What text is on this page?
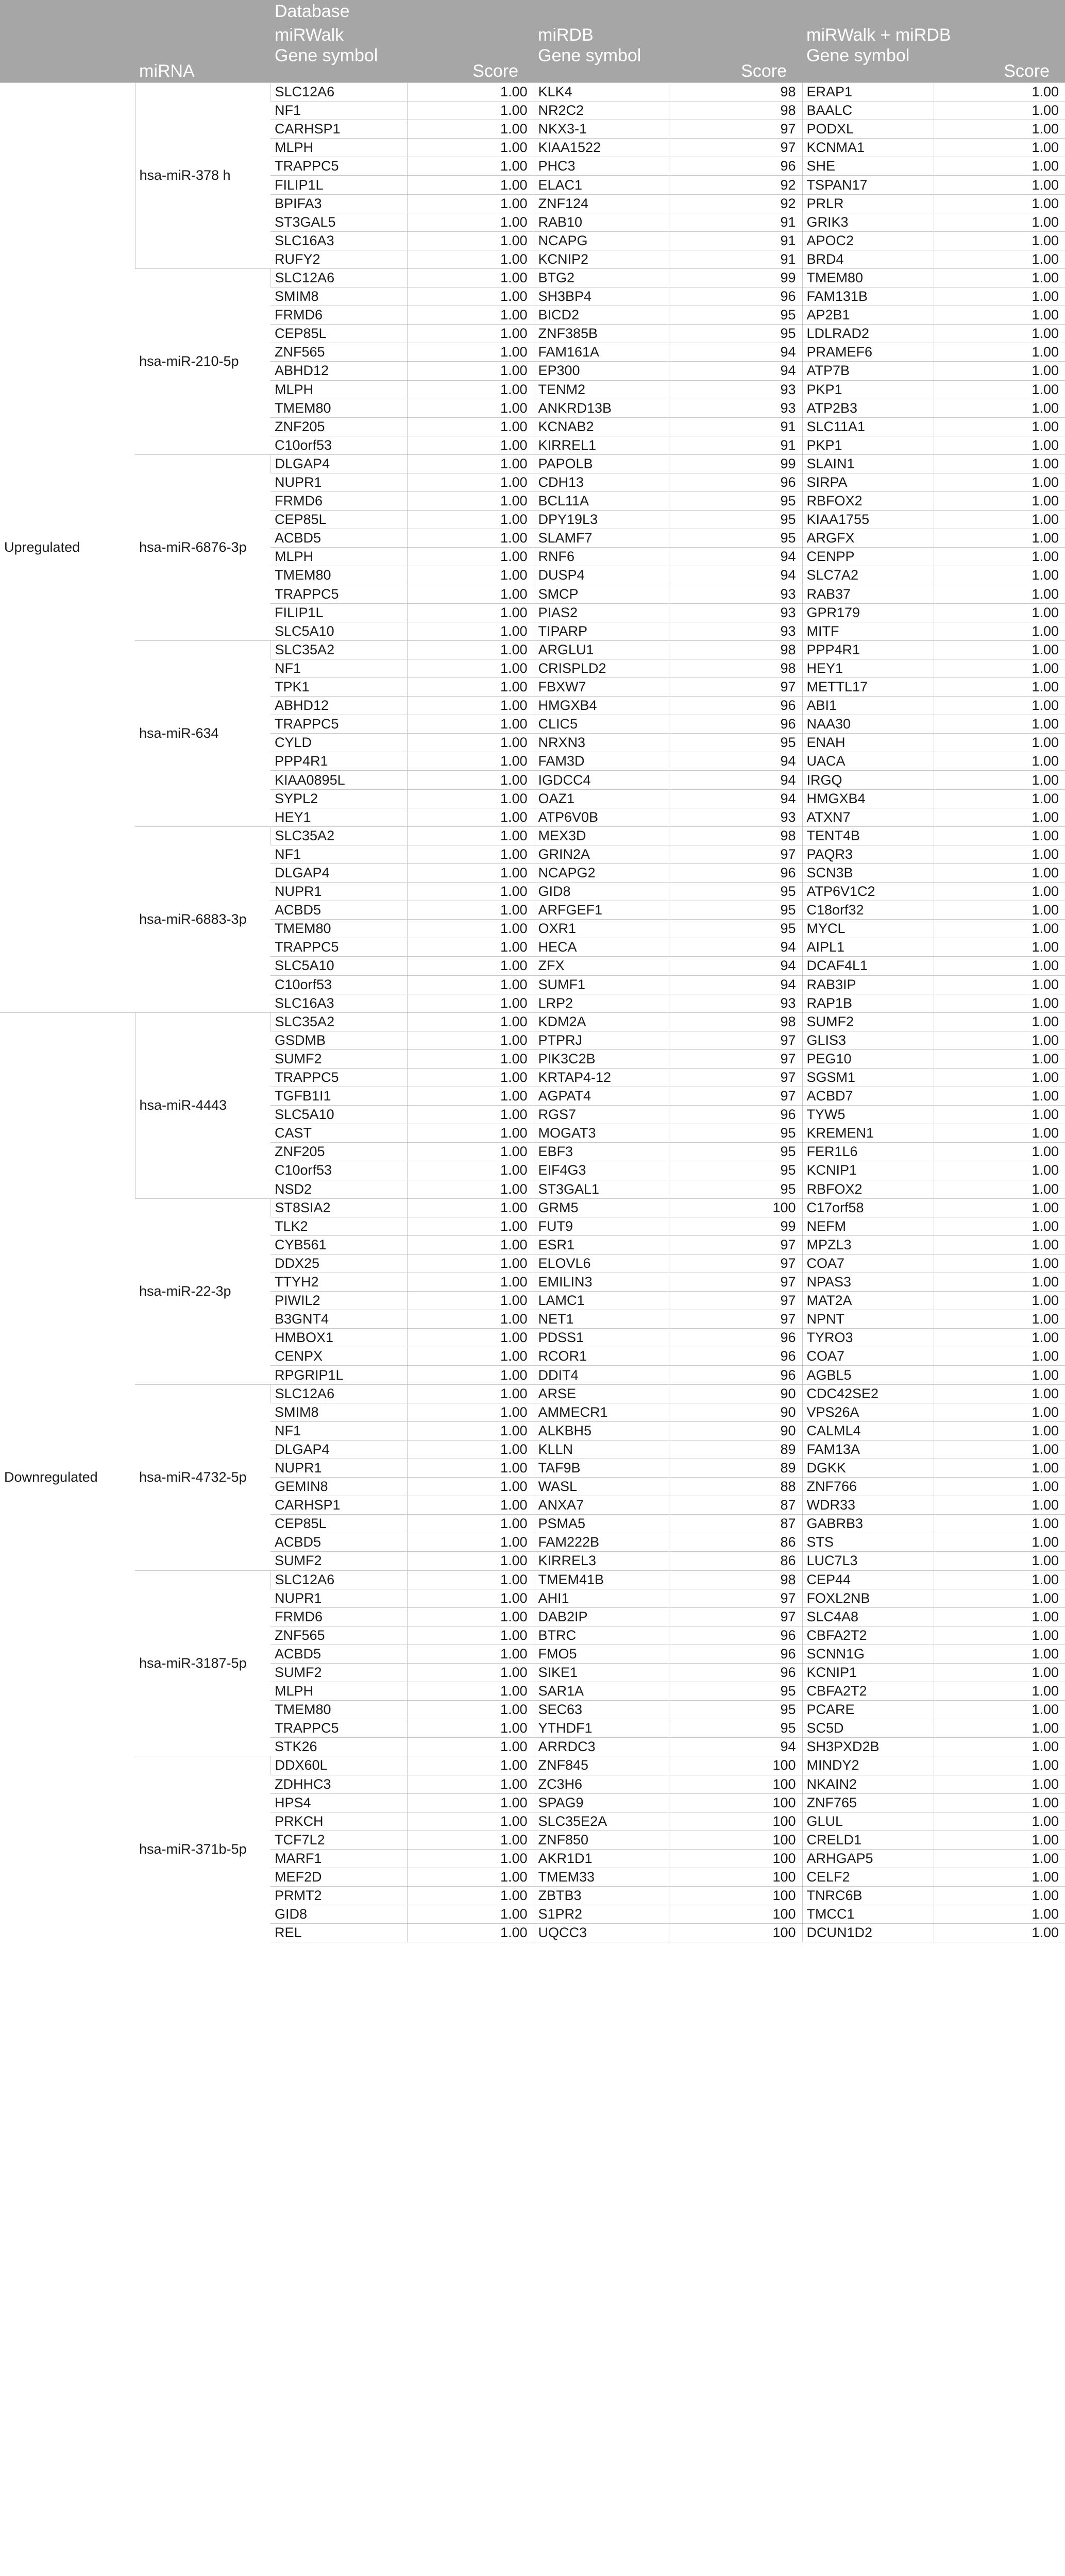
		Database					
		miRWalk		miRDB		miRWalk + miRDB	
	miRNA	Gene symbol	Score	Gene symbol	Score	Gene symbol	Score
Upregulated	hsa-miR-378 h	SLC12A6	1.00	KLK4	98	ERAP1	1.00
		NF1	1.00	NR2C2	98	BAALC	1.00
		CARHSP1	1.00	NKX3-1	97	PODXL	1.00
		MLPH	1.00	KIAA1522	97	KCNMA1	1.00
		TRAPPC5	1.00	PHC3	96	SHE	1.00
		FILIP1L	1.00	ELAC1	92	TSPAN17	1.00
		BPIFA3	1.00	ZNF124	92	PRLR	1.00
		ST3GAL5	1.00	RAB10	91	GRIK3	1.00
		SLC16A3	1.00	NCAPG	91	APOC2	1.00
		RUFY2	1.00	KCNIP2	91	BRD4	1.00
	hsa-miR-210-5p	SLC12A6	1.00	BTG2	99	TMEM80	1.00
		SMIM8	1.00	SH3BP4	96	FAM131B	1.00
		FRMD6	1.00	BICD2	95	AP2B1	1.00
		CEP85L	1.00	ZNF385B	95	LDLRAD2	1.00
		ZNF565	1.00	FAM161A	94	PRAMEF6	1.00
		ABHD12	1.00	EP300	94	ATP7B	1.00
		MLPH	1.00	TENM2	93	PKP1	1.00
		TMEM80	1.00	ANKRD13B	93	ATP2B3	1.00
		ZNF205	1.00	KCNAB2	91	SLC11A1	1.00
		C10orf53	1.00	KIRREL1	91	PKP1	1.00
	hsa-miR-6876-3p	DLGAP4	1.00	PAPOLB	99	SLAIN1	1.00
		NUPR1	1.00	CDH13	96	SIRPA	1.00
		FRMD6	1.00	BCL11A	95	RBFOX2	1.00
		CEP85L	1.00	DPY19L3	95	KIAA1755	1.00
		ACBD5	1.00	SLAMF7	95	ARGFX	1.00
		MLPH	1.00	RNF6	94	CENPP	1.00
		TMEM80	1.00	DUSP4	94	SLC7A2	1.00
		TRAPPC5	1.00	SMCP	93	RAB37	1.00
		FILIP1L	1.00	PIAS2	93	GPR179	1.00
		SLC5A10	1.00	TIPARP	93	MITF	1.00
	hsa-miR-634	SLC35A2	1.00	ARGLU1	98	PPP4R1	1.00
		NF1	1.00	CRISPLD2	98	HEY1	1.00
		TPK1	1.00	FBXW7	97	METTL17	1.00
		ABHD12	1.00	HMGXB4	96	ABI1	1.00
		TRAPPC5	1.00	CLIC5	96	NAA30	1.00
		CYLD	1.00	NRXN3	95	ENAH	1.00
		PPP4R1	1.00	FAM3D	94	UACA	1.00
		KIAA0895L	1.00	IGDCC4	94	IRGQ	1.00
		SYPL2	1.00	OAZ1	94	HMGXB4	1.00
		HEY1	1.00	ATP6V0B	93	ATXN7	1.00
	hsa-miR-6883-3p	SLC35A2	1.00	MEX3D	98	TENT4B	1.00
		NF1	1.00	GRIN2A	97	PAQR3	1.00
		DLGAP4	1.00	NCAPG2	96	SCN3B	1.00
		NUPR1	1.00	GID8	95	ATP6V1C2	1.00
		ACBD5	1.00	ARFGEF1	95	C18orf32	1.00
		TMEM80	1.00	OXR1	95	MYCL	1.00
		TRAPPC5	1.00	HECA	94	AIPL1	1.00
		SLC5A10	1.00	ZFX	94	DCAF4L1	1.00
		C10orf53	1.00	SUMF1	94	RAB3IP	1.00
		SLC16A3	1.00	LRP2	93	RAP1B	1.00
Downregulated	hsa-miR-4443	SLC35A2	1.00	KDM2A	98	SUMF2	1.00
		GSDMB	1.00	PTPRJ	97	GLIS3	1.00
		SUMF2	1.00	PIK3C2B	97	PEG10	1.00
		TRAPPC5	1.00	KRTAP4-12	97	SGSM1	1.00
		TGFB1I1	1.00	AGPAT4	97	ACBD7	1.00
		SLC5A10	1.00	RGS7	96	TYW5	1.00
		CAST	1.00	MOGAT3	95	KREMEN1	1.00
		ZNF205	1.00	EBF3	95	FER1L6	1.00
		C10orf53	1.00	EIF4G3	95	KCNIP1	1.00
		NSD2	1.00	ST3GAL1	95	RBFOX2	1.00
	hsa-miR-22-3p	ST8SIA2	1.00	GRM5	100	C17orf58	1.00
		TLK2	1.00	FUT9	99	NEFM	1.00
		CYB561	1.00	ESR1	97	MPZL3	1.00
		DDX25	1.00	ELOVL6	97	COA7	1.00
		TTYH2	1.00	EMILIN3	97	NPAS3	1.00
		PIWIL2	1.00	LAMC1	97	MAT2A	1.00
		B3GNT4	1.00	NET1	97	NPNT	1.00
		HMBOX1	1.00	PDSS1	96	TYRO3	1.00
		CENPX	1.00	RCOR1	96	COA7	1.00
		RPGRIP1L	1.00	DDIT4	96	AGBL5	1.00
	hsa-miR-4732-5p	SLC12A6	1.00	ARSE	90	CDC42SE2	1.00
		SMIM8	1.00	AMMECR1	90	VPS26A	1.00
		NF1	1.00	ALKBH5	90	CALML4	1.00
		DLGAP4	1.00	KLLN	89	FAM13A	1.00
		NUPR1	1.00	TAF9B	89	DGKK	1.00
		GEMIN8	1.00	WASL	88	ZNF766	1.00
		CARHSP1	1.00	ANXA7	87	WDR33	1.00
		CEP85L	1.00	PSMA5	87	GABRB3	1.00
		ACBD5	1.00	FAM222B	86	STS	1.00
		SUMF2	1.00	KIRREL3	86	LUC7L3	1.00
	hsa-miR-3187-5p	SLC12A6	1.00	TMEM41B	98	CEP44	1.00
		NUPR1	1.00	AHI1	97	FOXL2NB	1.00
		FRMD6	1.00	DAB2IP	97	SLC4A8	1.00
		ZNF565	1.00	BTRC	96	CBFA2T2	1.00
		ACBD5	1.00	FMO5	96	SCNN1G	1.00
		SUMF2	1.00	SIKE1	96	KCNIP1	1.00
		MLPH	1.00	SAR1A	95	CBFA2T2	1.00
		TMEM80	1.00	SEC63	95	PCARE	1.00
		TRAPPC5	1.00	YTHDF1	95	SC5D	1.00
		STK26	1.00	ARRDC3	94	SH3PXD2B	1.00
	hsa-miR-371b-5p	DDX60L	1.00	ZNF845	100	MINDY2	1.00
		ZDHHC3	1.00	ZC3H6	100	NKAIN2	1.00
		HPS4	1.00	SPAG9	100	ZNF765	1.00
		PRKCH	1.00	SLC35E2A	100	GLUL	1.00
		TCF7L2	1.00	ZNF850	100	CRELD1	1.00
		MARF1	1.00	AKR1D1	100	ARHGAP5	1.00
		MEF2D	1.00	TMEM33	100	CELF2	1.00
		PRMT2	1.00	ZBTB3	100	TNRC6B	1.00
		GID8	1.00	S1PR2	100	TMCC1	1.00
		REL	1.00	UQCC3	100	DCUN1D2	1.00
